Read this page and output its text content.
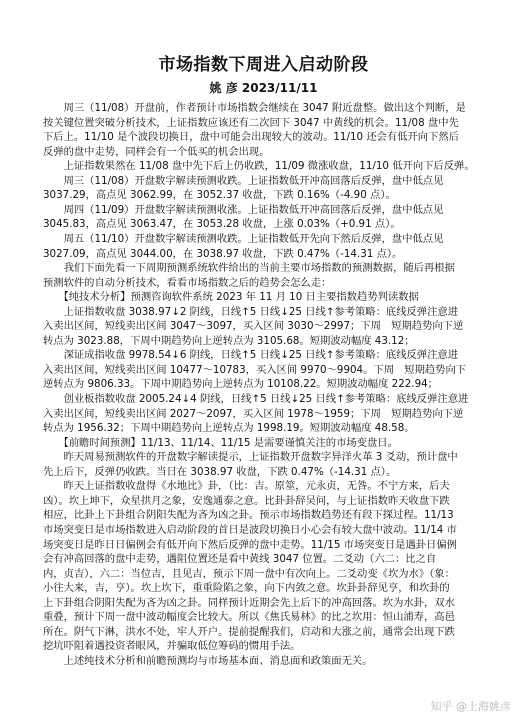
市场指数下周进入启动阶段
姚 彦 2023/11/11
　　周三（11/08）开盘前，作者预计市场指数会继续在 3047 附近盘整。做出这个判断，是
按关键位置突破分析技术，上证指数应该还有二次回下 3047 中黄线的机会。11/08 盘中先
下后上。11/10 是个波段切换日，盘中可能会出现较大的波动。11/10 还会有低开向下然后
反弹的盘中走势，同样会有一个低买的机会出现。
　　上证指数果然在 11/08 盘中先下后上仍收跌，11/09 微涨收盘，11/10 低开向下后反弹。
　　周三（11/08）开盘数字解读预测收跌。上证指数低开冲高回落后反弹，盘中低点见
3037.29，高点见 3062.99，在 3052.37 收盘，下跌 0.16%（-4.90 点）。
　　周四（11/09）开盘数字解读预测收涨。上证指数低开冲高回落后反弹，盘中低点见
3045.83，高点见 3063.47，在 3053.28 收盘，上涨 0.03%（+0.91 点）。
　　周五（11/10）开盘数字解读预测收跌。上证指数低开先向下然后反弹，盘中低点见
3027.09，高点见 3044.00，在 3038.97 收盘，下跌 0.47%（-14.31 点）。
　　我们下面先看一下周期预测系统软件给出的当前主要市场指数的预测数据，随后再根据
预测软件的自动分析技术，看看市场指数之后的趋势会怎么走：
　　【纯技术分析】预测咨询软件系统 2023 年 11 月 10 日主要指数趋势判读数据
　　上证指数收盘 3038.97↓2 阴线，日线↑5 日线↓25 日线↑参考策略：底线反弹注意进
入卖出区间，短线卖出区间 3047～3097，买入区间 3030～2997；下周　短期趋势向下逆
转点为 3023.88，下周中期趋势向上逆转点为 3105.68。短期波动幅度 43.12；
　　深证成指收盘 9978.54↓6 阴线，日线↑5 日线↓25 日线↑参考策略：底线反弹注意进
入卖出区间，短线卖出区间 10477～10783，买入区间 9970～9904。下周　短期趋势向下
逆转点为 9806.33。下周中期趋势向上逆转点为 10108.22。短期波动幅度 222.94；
　　创业板指数收盘 2005.24↓4 阴线，日线↑5 日线↓25 日线↑参考策略：底线反弹注意进
入卖出区间，短线卖出区间 2027～2097，买入区间 1978～1959；下周　短期趋势向下逆
转点为 1956.32；下周中期趋势向上逆转点为 1998.19。短期波动幅度 48.58。
　　【前瞻时间预测】11/13、11/14、11/15 是需要谨慎关注的市场变盘日。
　　昨天周易预测软件的开盘数字解读提示，上证指数开盘数字异洋火革 3 爻动，预计盘中
先上后下，反弹仍收跌。当日在 3038.97 收盘，下跌 0.47%（-14.31 点）。
　　昨天上证指数收盘得《水地比》卦，（比：吉。原筮，元永贞，无咎。不宁方来，后夫
凶）。坎上坤下，众星拱月之象，安逸通泰之意。比卦卦辞吴问，与上证指数昨天收盘下跌
相应，比卦上下卦组合阴阳失配为吝为凶之卦。预示市场指数趋势还有段下探过程。11/13
市场突变日是市场指数进入启动阶段的首日是波段切换日小心会有较大盘中波动。11/14 市
场突变日是昨日日偏例会有低开向下然后反弹的盘中走势。11/15 市场突变日是遇卦日偏例
会有冲高回落的盘中走势，遇阻位置还是看中黄线 3047 位置。二爻动（六二：比之自
内，贞吉），六二：当位吉，且见吉，预示下周一盘中有次向上。二爻动变《坎为水》（象：
小往大来，吉，亨）。坎上坎下，重重险陷之象，向下内敛之意。坎卦卦辞见亨，和坎卦的
上下卦组合阴阳失配为吝为凶之卦。同样预计近期会先上后下的冲高回落。坎为水卦，双水
重叠，预计下周一盘中波动幅度会比较大。所以《焦氏易林》的比之坎用：恒山浦寿，高邑
所在。阴气下淋，洪水不处，牢人开户。提前提醒我们，启动和大涨之前，通常会出现下跌
挖坑吓阻着遇投资者眼风，并骗取低位筹码的惯用手法。
　　上述纯技术分析和前瞻预测均与市场基本面、消息面和政策面无关。
知乎 @上海姚彦
